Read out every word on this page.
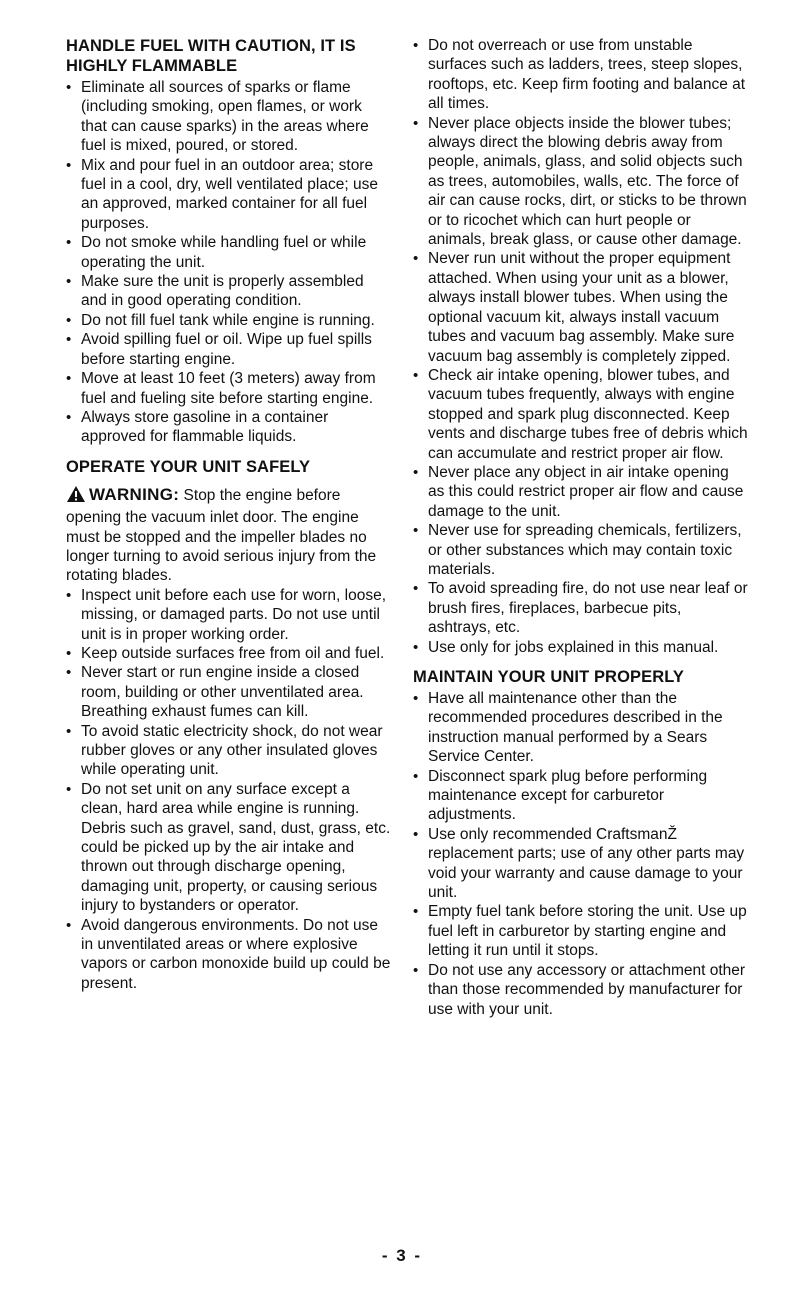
HANDLE FUEL WITH CAUTION, IT IS HIGHLY FLAMMABLE
• Eliminate all sources of sparks or flame (including smoking, open flames, or work that can cause sparks) in the areas where fuel is mixed, poured, or stored.
• Mix and pour fuel in an outdoor area; store fuel in a cool, dry, well ventilated place; use an approved, marked container for all fuel purposes.
• Do not smoke while handling fuel or while operating the unit.
• Make sure the unit is properly assembled and in good operating condition.
• Do not fill fuel tank while engine is running.
• Avoid spilling fuel or oil. Wipe up fuel spills before starting engine.
• Move at least 10 feet (3 meters) away from fuel and fueling site before starting engine.
• Always store gasoline in a container approved for flammable liquids.
OPERATE YOUR UNIT SAFELY
WARNING: Stop the engine before opening the vacuum inlet door. The engine must be stopped and the impeller blades no longer turning to avoid serious injury from the rotating blades.
• Inspect unit before each use for worn, loose, missing, or damaged parts. Do not use until unit is in proper working order.
• Keep outside surfaces free from oil and fuel.
• Never start or run engine inside a closed room, building or other unventilated area. Breathing exhaust fumes can kill.
• To avoid static electricity shock, do not wear rubber gloves or any other insulated gloves while operating unit.
• Do not set unit on any surface except a clean, hard area while engine is running. Debris such as gravel, sand, dust, grass, etc. could be picked up by the air intake and thrown out through discharge opening, damaging unit, property, or causing serious injury to bystanders or operator.
• Avoid dangerous environments. Do not use in unventilated areas or where explosive vapors or carbon monoxide build up could be present.
• Do not overreach or use from unstable surfaces such as ladders, trees, steep slopes, rooftops, etc. Keep firm footing and balance at all times.
• Never place objects inside the blower tubes; always direct the blowing debris away from people, animals, glass, and solid objects such as trees, automobiles, walls, etc. The force of air can cause rocks, dirt, or sticks to be thrown or to ricochet which can hurt people or animals, break glass, or cause other damage.
• Never run unit without the proper equipment attached. When using your unit as a blower, always install blower tubes. When using the optional vacuum kit, always install vacuum tubes and vacuum bag assembly. Make sure vacuum bag assembly is completely zipped.
• Check air intake opening, blower tubes, and vacuum tubes frequently, always with engine stopped and spark plug disconnected. Keep vents and discharge tubes free of debris which can accumulate and restrict proper air flow.
• Never place any object in air intake opening as this could restrict proper air flow and cause damage to the unit.
• Never use for spreading chemicals, fertilizers, or other substances which may contain toxic materials.
• To avoid spreading fire, do not use near leaf or brush fires, fireplaces, barbecue pits, ashtrays, etc.
• Use only for jobs explained in this manual.
MAINTAIN YOUR UNIT PROPERLY
• Have all maintenance other than the recommended procedures described in the instruction manual performed by a Sears Service Center.
• Disconnect spark plug before performing maintenance except for carburetor adjustments.
• Use only recommended CraftsmanŽ replacement parts; use of any other parts may void your warranty and cause damage to your unit.
• Empty fuel tank before storing the unit. Use up fuel left in carburetor by starting engine and letting it run until it stops.
• Do not use any accessory or attachment other than those recommended by manufacturer for use with your unit.
- 3 -
